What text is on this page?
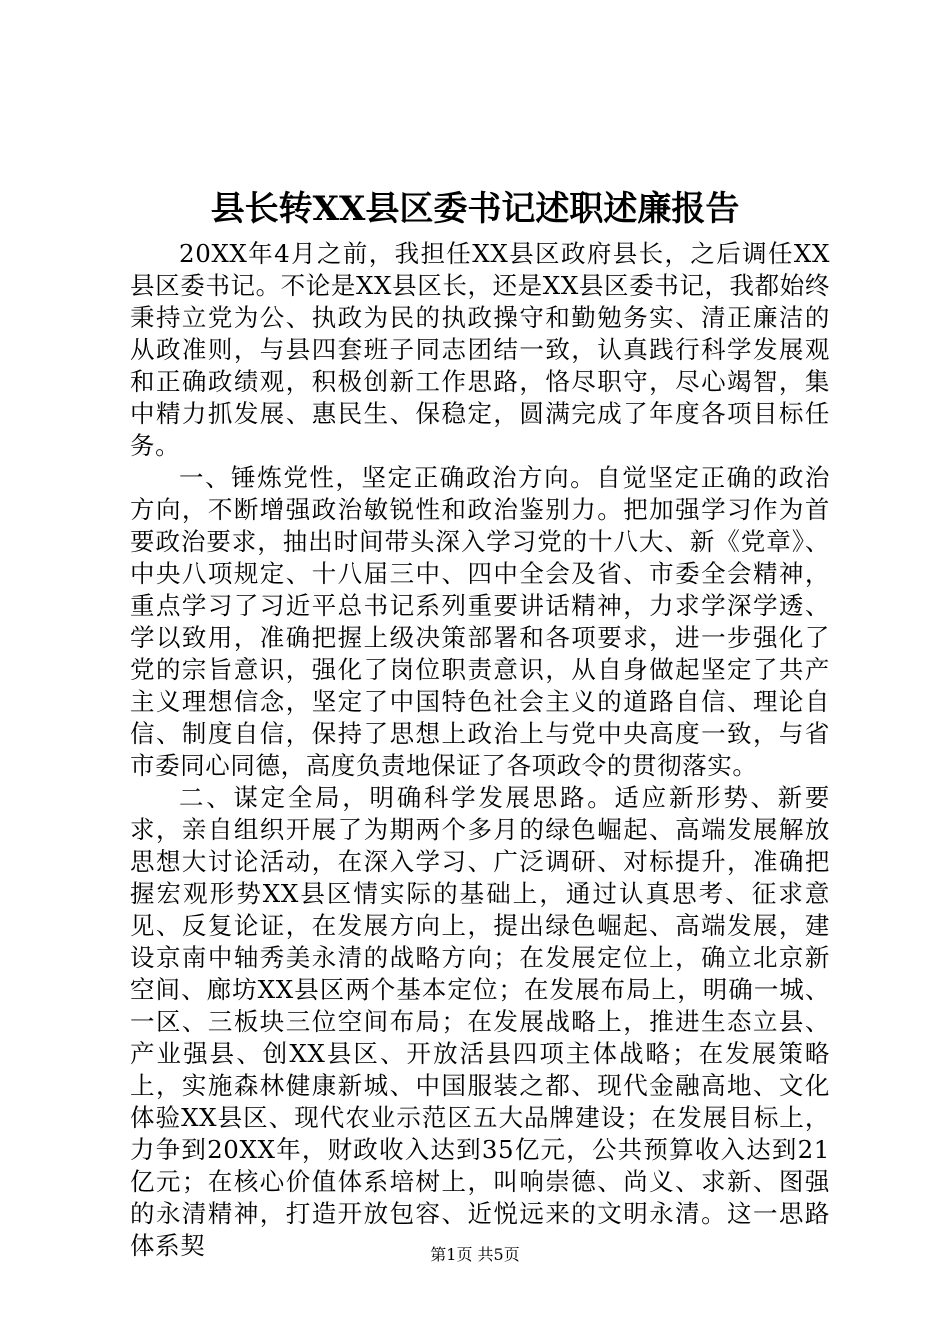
县长转XX县区委书记述职述廉报告

20XX年4月之前，我担任XX县区政府县长，之后调任XX县区委书记。不论是XX县区长，还是XX县区委书记，我都始终秉持立党为公、执政为民的执政操守和勤勉务实、清正廉洁的从政准则，与县四套班子同志团结一致，认真践行科学发展观和正确政绩观，积极创新工作思路，恪尽职守，尽心竭智，集中精力抓发展、惠民生、保稳定，圆满完成了年度各项目标任务。

一、锤炼党性，坚定正确政治方向。自觉坚定正确的政治方向，不断增强政治敏锐性和政治鉴别力。把加强学习作为首要政治要求，抽出时间带头深入学习党的十八大、新《党章》、中央八项规定、十八届三中、四中全会及省、市委全会精神，重点学习了习近平总书记系列重要讲话精神，力求学深学透、学以致用，准确把握上级决策部署和各项要求，进一步强化了党的宗旨意识，强化了岗位职责意识，从自身做起坚定了共产主义理想信念，坚定了中国特色社会主义的道路自信、理论自信、制度自信，保持了思想上政治上与党中央高度一致，与省市委同心同德，高度负责地保证了各项政令的贯彻落实。

二、谋定全局，明确科学发展思路。适应新形势、新要求，亲自组织开展了为期两个多月的绿色崛起、高端发展解放思想大讨论活动，在深入学习、广泛调研、对标提升，准确把握宏观形势XX县区情实际的基础上，通过认真思考、征求意见、反复论证，在发展方向上，提出绿色崛起、高端发展，建设京南中轴秀美永清的战略方向；在发展定位上，确立北京新空间、廊坊XX县区两个基本定位；在发展布局上，明确一城、一区、三板块三位空间布局；在发展战略上，推进生态立县、产业强县、创XX县区、开放活县四项主体战略；在发展策略上，实施森林健康新城、中国服装之都、现代金融高地、文化体验XX县区、现代农业示范区五大品牌建设；在发展目标上，力争到20XX年，财政收入达到35亿元，公共预算收入达到21亿元；在核心价值体系培树上，叫响崇德、尚义、求新、图强的永清精神，打造开放包容、近悦远来的文明永清。这一思路体系契	第1页 共5页
